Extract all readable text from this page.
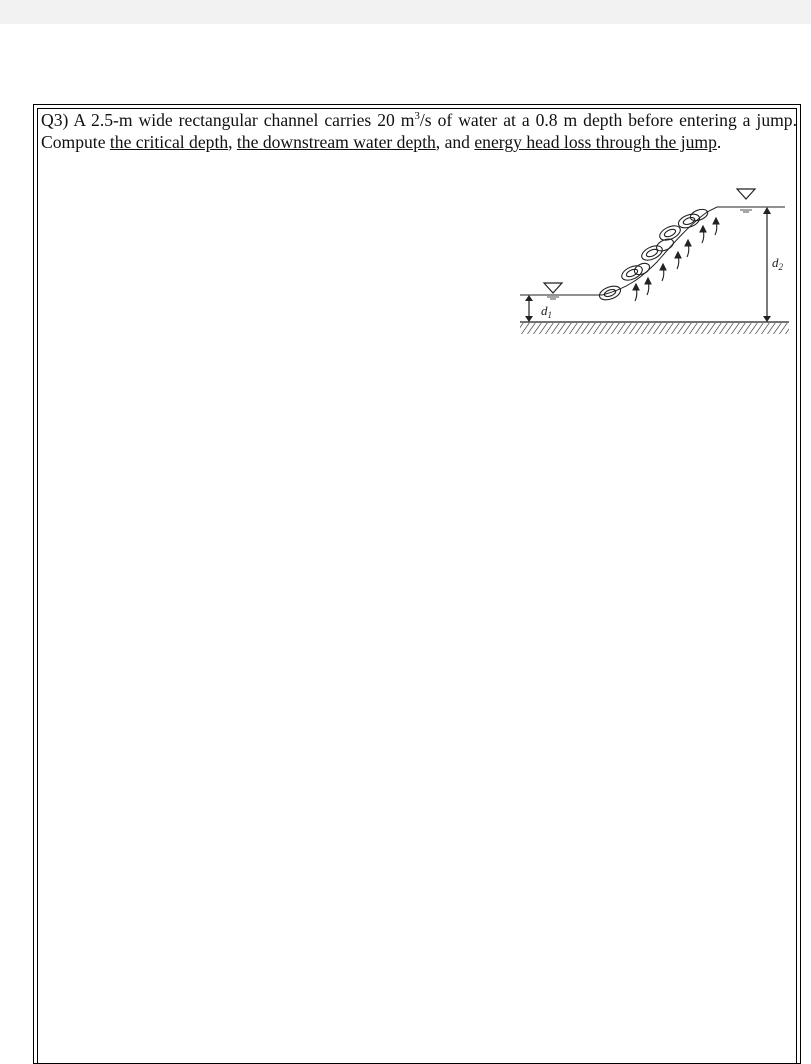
Q3) A 2.5-m wide rectangular channel carries 20 $m^3/s$ of water at a 0.8 m depth before entering a jump. Compute the critical depth, the downstream water depth, and energy head loss through the jump.
$d_1$
$d_2$
